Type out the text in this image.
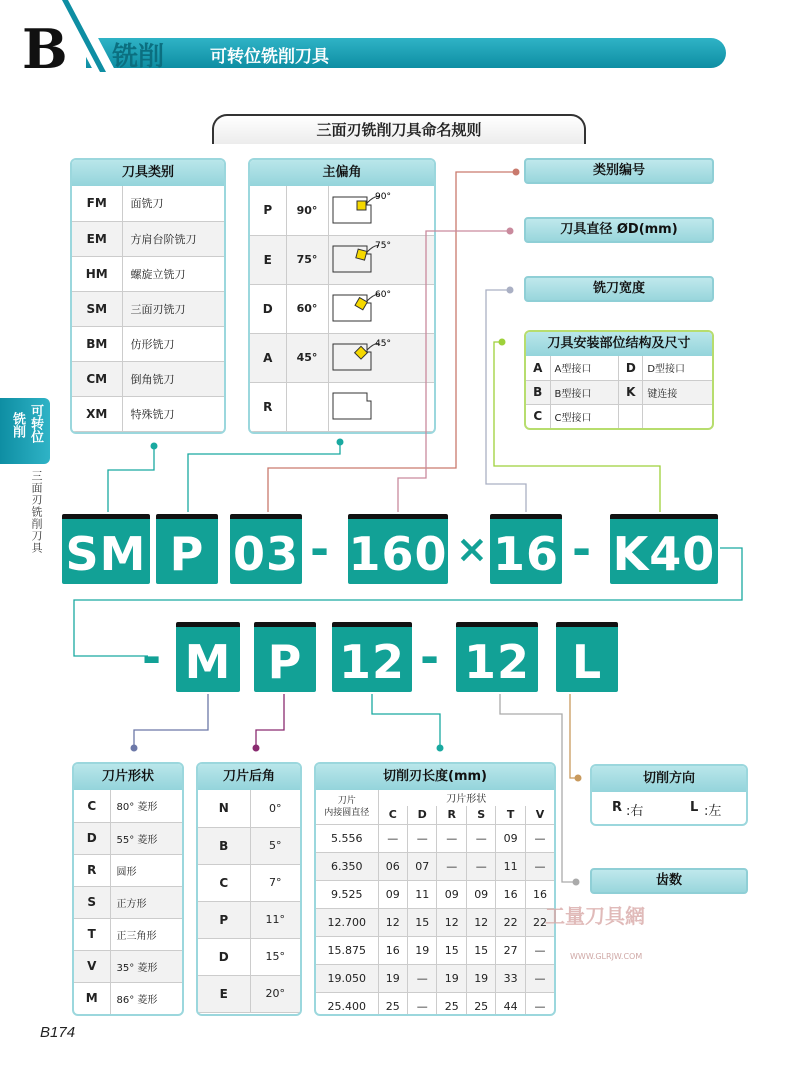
B 铣削	可转位铣削刀具
三面刃铣削刀具命名规则
可转位
铣削
三面刃铣削刀具
刀具类别
FM	面铣刀
EM	方肩台阶铣刀
HM	螺旋立铣刀
SM	三面刃铣刀
BM	仿形铣刀
CM	倒角铣刀
XM	特殊铣刀
主偏角
P	90°	90°

E	75°	75°

D	60°	60°

A	45°	45°

R		
类别编号
刀具直径 ØD(mm)
铣刀宽度
刀具安装部位结构及尺寸
A	A型接口	D	D型接口
B	B型接口	K	键连接
C	C型接口		
SM P 03 - 160 × 16 - K40
- M P 12 - 12 L
刀片形状
C	80° 菱形
D	55° 菱形
R	圆形
S	正方形
T	正三角形
V	35° 菱形
M	86° 菱形
刀片后角
N	0°
B	5°
C	7°
P	11°
D	15°
E	20°
切削刃长度(mm)
刀片
内接圆直径	刀片形状					
	C	D	R	S	T	V
5.556	—	—	—	—	09	—
6.350	06	07	—	—	11	—
9.525	09	11	09	09	16	16
12.700	12	15	12	12	22	22
15.875	16	19	15	15	27	—
19.050	19	—	19	19	33	—
25.400	25	—	25	25	44	—
切削方向
R :右	L :左
齿数
工量刀具網
WWW.GLRJW.COM
B174
